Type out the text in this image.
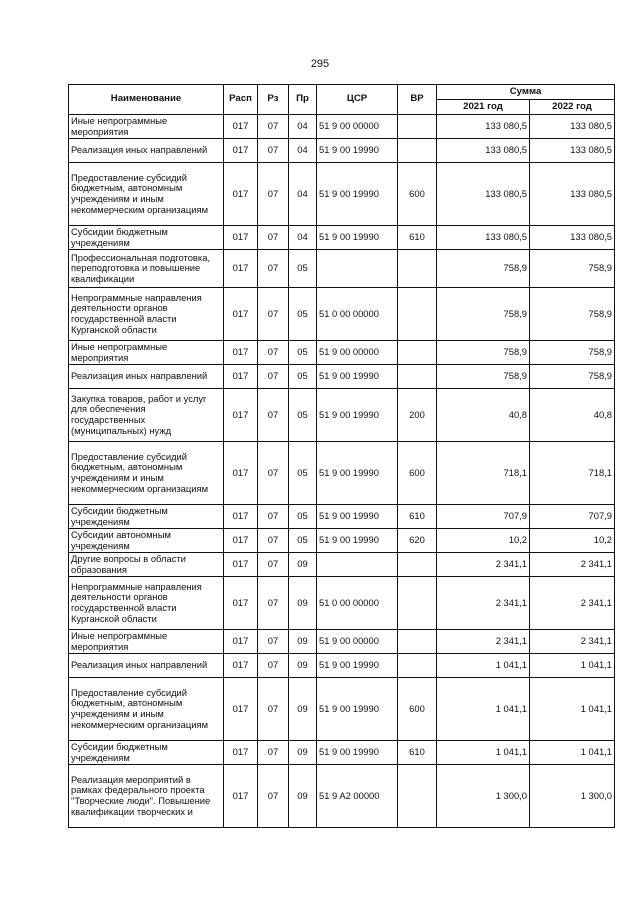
295
Наименование	Расп	Рз	Пр	ЦСР	ВР	Сумма	
						2021 год	2022 год
Иные непрограммные мероприятия	017	07	04	51 9 00 00000		133 080,5	133 080,5
Реализация иных направлений	017	07	04	51 9 00 19990		133 080,5	133 080,5
Предоставление субсидий бюджетным, автономным учреждениям и иным некоммерческим организациям	017	07	04	51 9 00 19990	600	133 080,5	133 080,5
Субсидии бюджетным учреждениям	017	07	04	51 9 00 19990	610	133 080,5	133 080,5
Профессиональная подготовка, переподготовка и повышение квалификации	017	07	05			758,9	758,9
Непрограммные направления деятельности органов государственной власти Курганской области	017	07	05	51 0 00 00000		758,9	758,9
Иные непрограммные мероприятия	017	07	05	51 9 00 00000		758,9	758,9
Реализация иных направлений	017	07	05	51 9 00 19990		758,9	758,9
Закупка товаров, работ и услуг для обеспечения государственных (муниципальных) нужд	017	07	05	51 9 00 19990	200	40,8	40,8
Предоставление субсидий бюджетным, автономным учреждениям и иным некоммерческим организациям	017	07	05	51 9 00 19990	600	718,1	718,1
Субсидии бюджетным учреждениям	017	07	05	51 9 00 19990	610	707,9	707,9
Субсидии автономным учреждениям	017	07	05	51 9 00 19990	620	10,2	10,2
Другие вопросы в области образования	017	07	09			2 341,1	2 341,1
Непрограммные направления деятельности органов государственной власти Курганской области	017	07	09	51 0 00 00000		2 341,1	2 341,1
Иные непрограммные мероприятия	017	07	09	51 9 00 00000		2 341,1	2 341,1
Реализация иных направлений	017	07	09	51 9 00 19990		1 041,1	1 041,1
Предоставление субсидий бюджетным, автономным учреждениям и иным некоммерческим организациям	017	07	09	51 9 00 19990	600	1 041,1	1 041,1
Субсидии бюджетным учреждениям	017	07	09	51 9 00 19990	610	1 041,1	1 041,1
Реализация мероприятий в рамках федерального проекта "Творческие люди". Повышение квалификации творческих и	017	07	09	51 9 A2 00000		1 300,0	1 300,0
